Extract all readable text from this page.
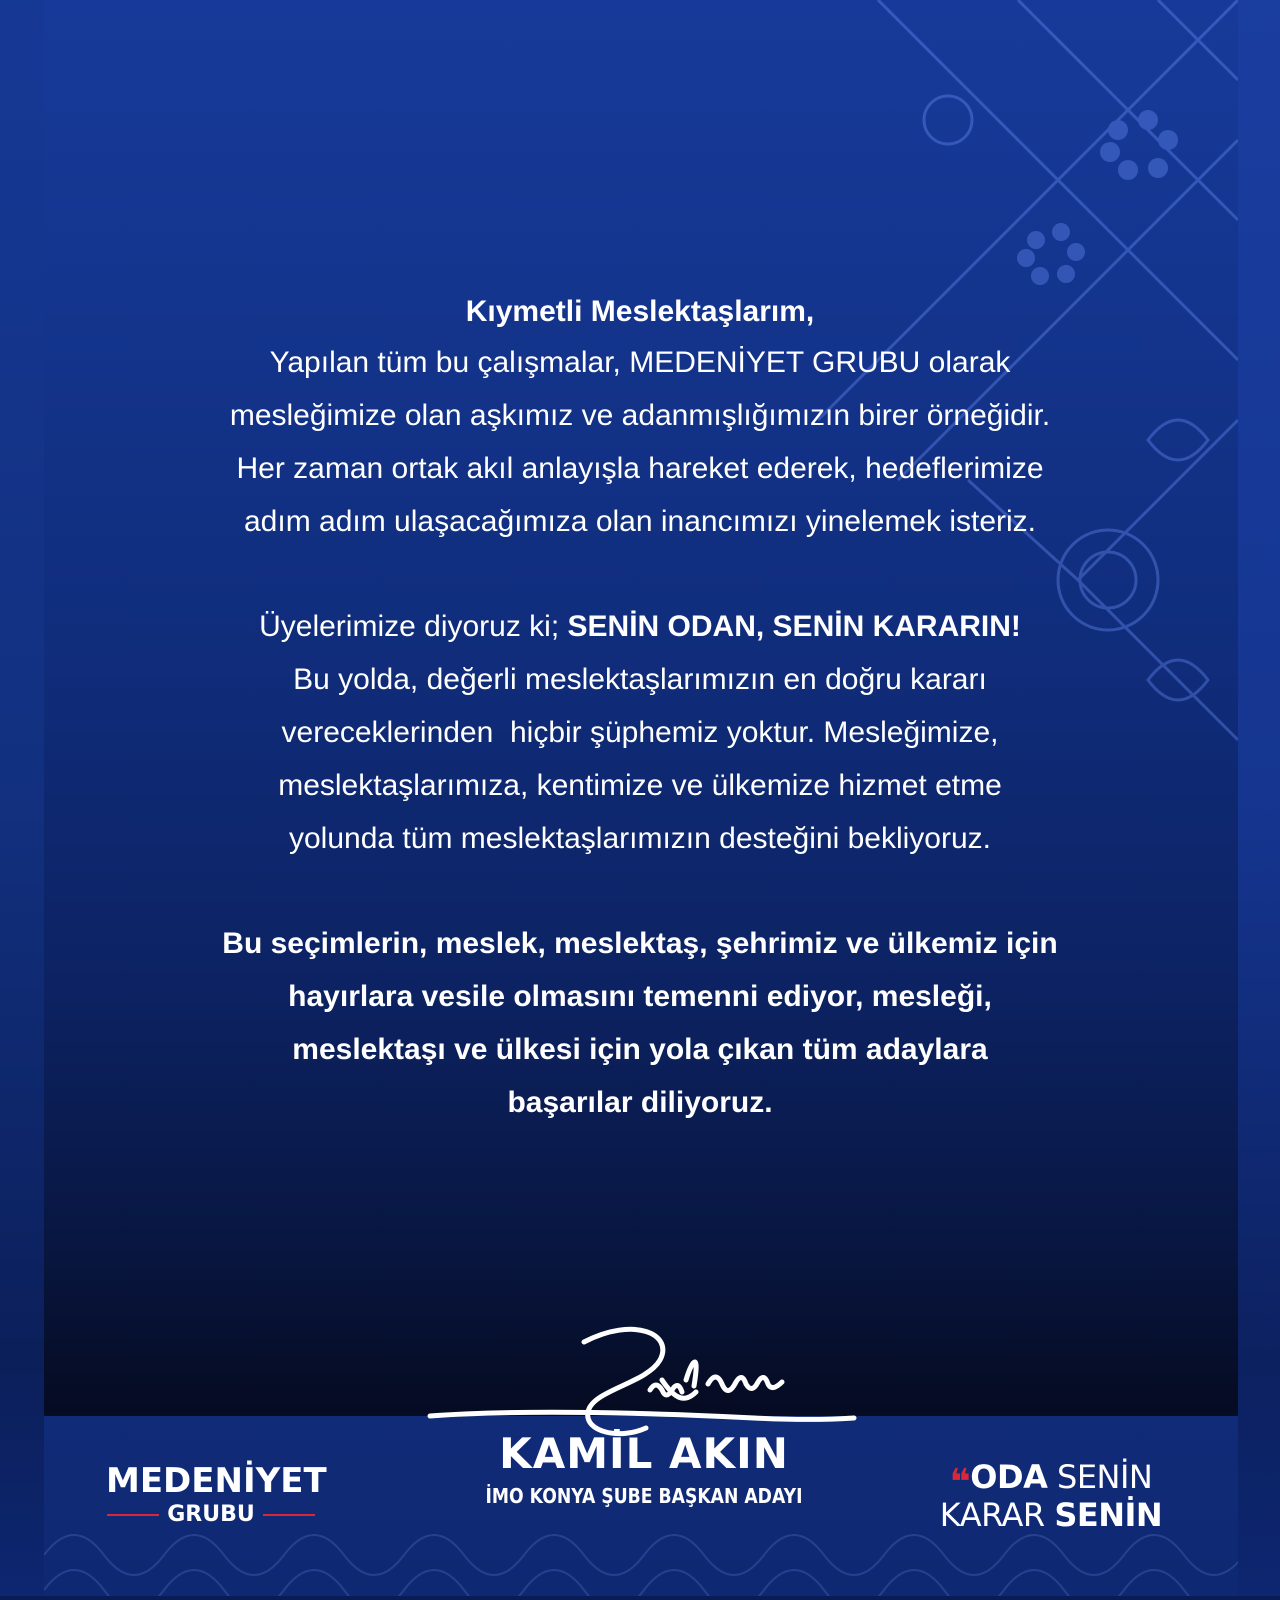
Kıymetli Meslektaşlarım,

Yapılan tüm bu çalışmalar, MEDENİYET GRUBU olarak
mesleğimize olan aşkımız ve adanmışlığımızın birer örneğidir.
Her zaman ortak akıl anlayışla hareket ederek, hedeflerimize
adım adım ulaşacağımıza olan inancımızı yinelemek isteriz.

Üyelerimize diyoruz ki; SENİN ODAN, SENİN KARARIN!
Bu yolda, değerli meslektaşlarımızın en doğru kararı
vereceklerinden  hiçbir şüphemiz yoktur. Mesleğimize,
meslektaşlarımıza, kentimize ve ülkemize hizmet etme
yolunda tüm meslektaşlarımızın desteğini bekliyoruz.

Bu seçimlerin, meslek, meslektaş, şehrimiz ve ülkemiz için
hayırlara vesile olmasını temenni ediyor, mesleği,
meslektaşı ve ülkesi için yola çıkan tüm adaylara
başarılar diliyoruz.

MEDENİYET
GRUBU
Süleyman
KAMİL AKIN
İMO KONYA ŞUBE BAŞKAN ADAYI	❝ODA SENİN
KARAR SENİN
